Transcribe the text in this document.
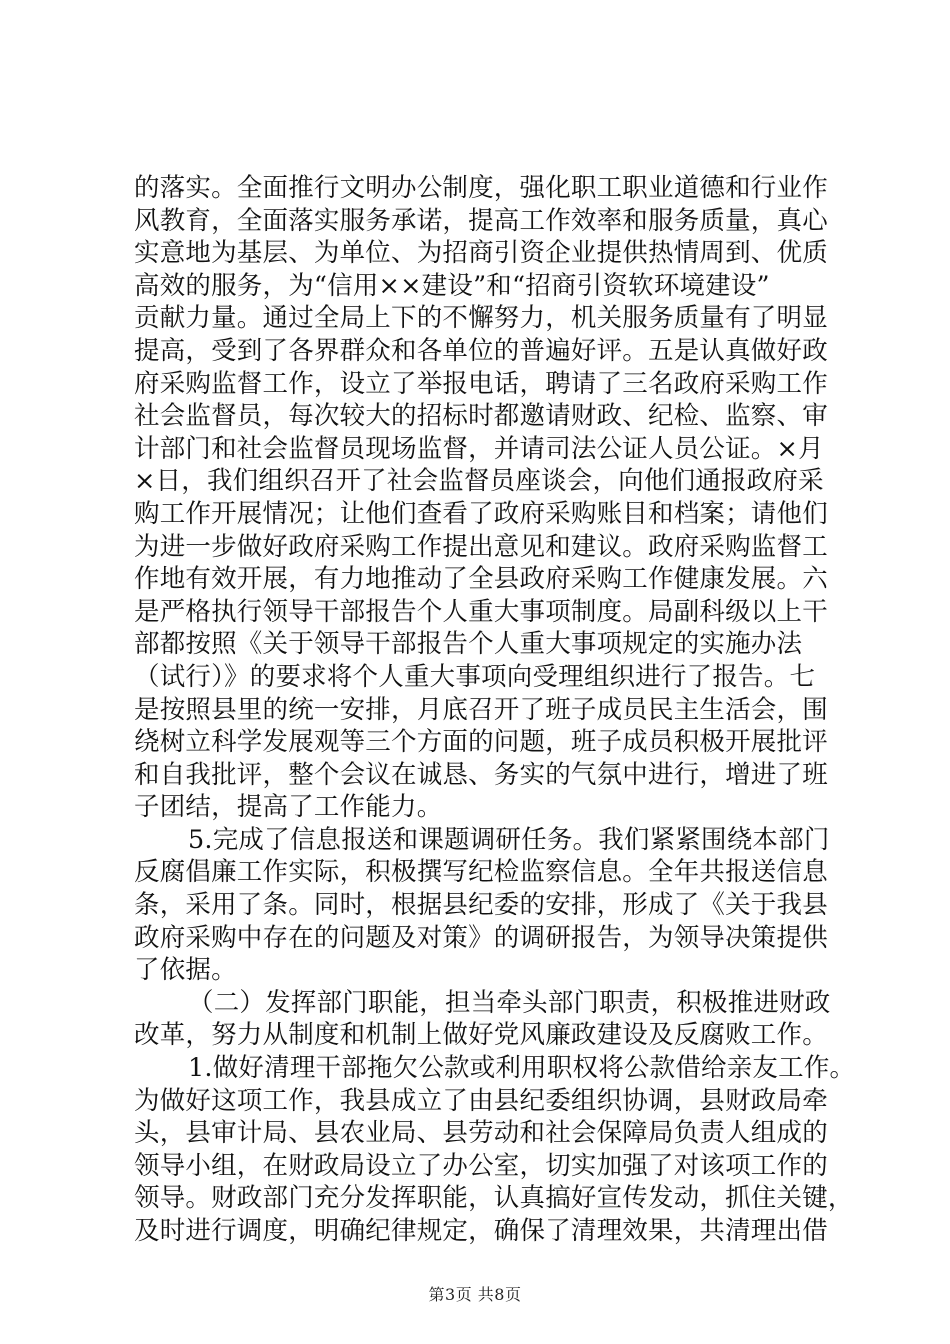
的落实。全面推行文明办公制度，强化职工职业道德和行业作
风教育，全面落实服务承诺，提高工作效率和服务质量，真心
实意地为基层、为单位、为招商引资企业提供热情周到、优质
高效的服务，为“信用××建设”和“招商引资软环境建设”
贡献力量。通过全局上下的不懈努力，机关服务质量有了明显
提高，受到了各界群众和各单位的普遍好评。五是认真做好政
府采购监督工作，设立了举报电话，聘请了三名政府采购工作
社会监督员，每次较大的招标时都邀请财政、纪检、监察、审
计部门和社会监督员现场监督，并请司法公证人员公证。×月
×日，我们组织召开了社会监督员座谈会，向他们通报政府采
购工作开展情况；让他们查看了政府采购账目和档案；请他们
为进一步做好政府采购工作提出意见和建议。政府采购监督工
作地有效开展，有力地推动了全县政府采购工作健康发展。六
是严格执行领导干部报告个人重大事项制度。局副科级以上干
部都按照《关于领导干部报告个人重大事项规定的实施办法
（试行）》的要求将个人重大事项向受理组织进行了报告。七
是按照县里的统一安排，月底召开了班子成员民主生活会，围
绕树立科学发展观等三个方面的问题，班子成员积极开展批评
和自我批评，整个会议在诚恳、务实的气氛中进行，增进了班
子团结，提高了工作能力。
5.完成了信息报送和课题调研任务。我们紧紧围绕本部门
反腐倡廉工作实际，积极撰写纪检监察信息。全年共报送信息
条，采用了条。同时，根据县纪委的安排，形成了《关于我县
政府采购中存在的问题及对策》的调研报告，为领导决策提供
了依据。
（二）发挥部门职能，担当牵头部门职责，积极推进财政
改革，努力从制度和机制上做好党风廉政建设及反腐败工作。
1.做好清理干部拖欠公款或利用职权将公款借给亲友工作。
为做好这项工作，我县成立了由县纪委组织协调，县财政局牵
头，县审计局、县农业局、县劳动和社会保障局负责人组成的
领导小组，在财政局设立了办公室，切实加强了对该项工作的
领导。财政部门充分发挥职能，认真搞好宣传发动，抓住关键，
及时进行调度，明确纪律规定，确保了清理效果，共清理出借
第3页 共8页
